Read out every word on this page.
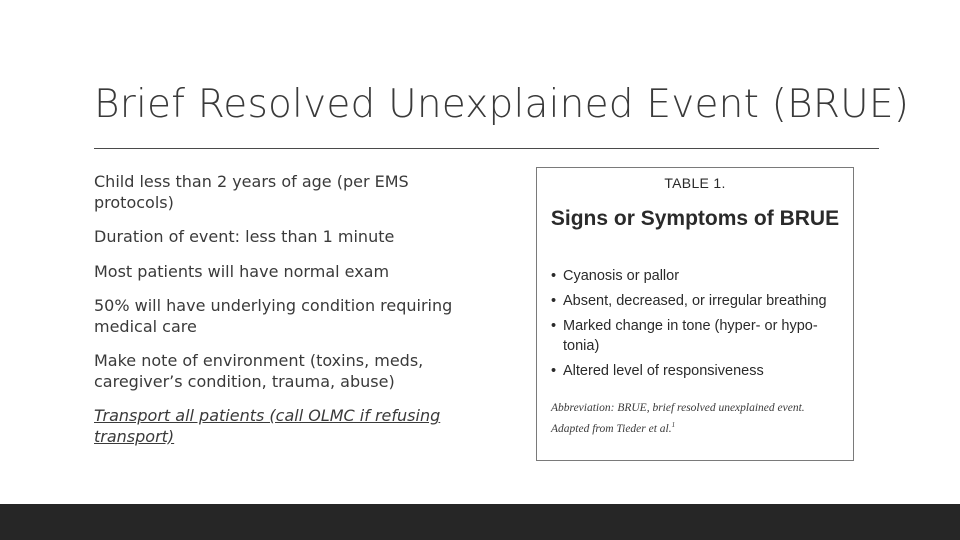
Brief Resolved Unexplained Event (BRUE)
Child less than 2 years of age (per EMS protocols)
Duration of event: less than 1 minute
Most patients will have normal exam
50% will have underlying condition requiring medical care
Make note of environment (toxins, meds, caregiver’s condition, trauma, abuse)
Transport all patients (call OLMC if refusing transport)
TABLE 1.
Signs or Symptoms of BRUE
• Cyanosis or pallor
• Absent, decreased, or irregular breathing
• Marked change in tone (hyper- or hypo-tonia)
• Altered level of responsiveness
Abbreviation: BRUE, brief resolved unexplained event.
Adapted from Tieder et al.$^1$
